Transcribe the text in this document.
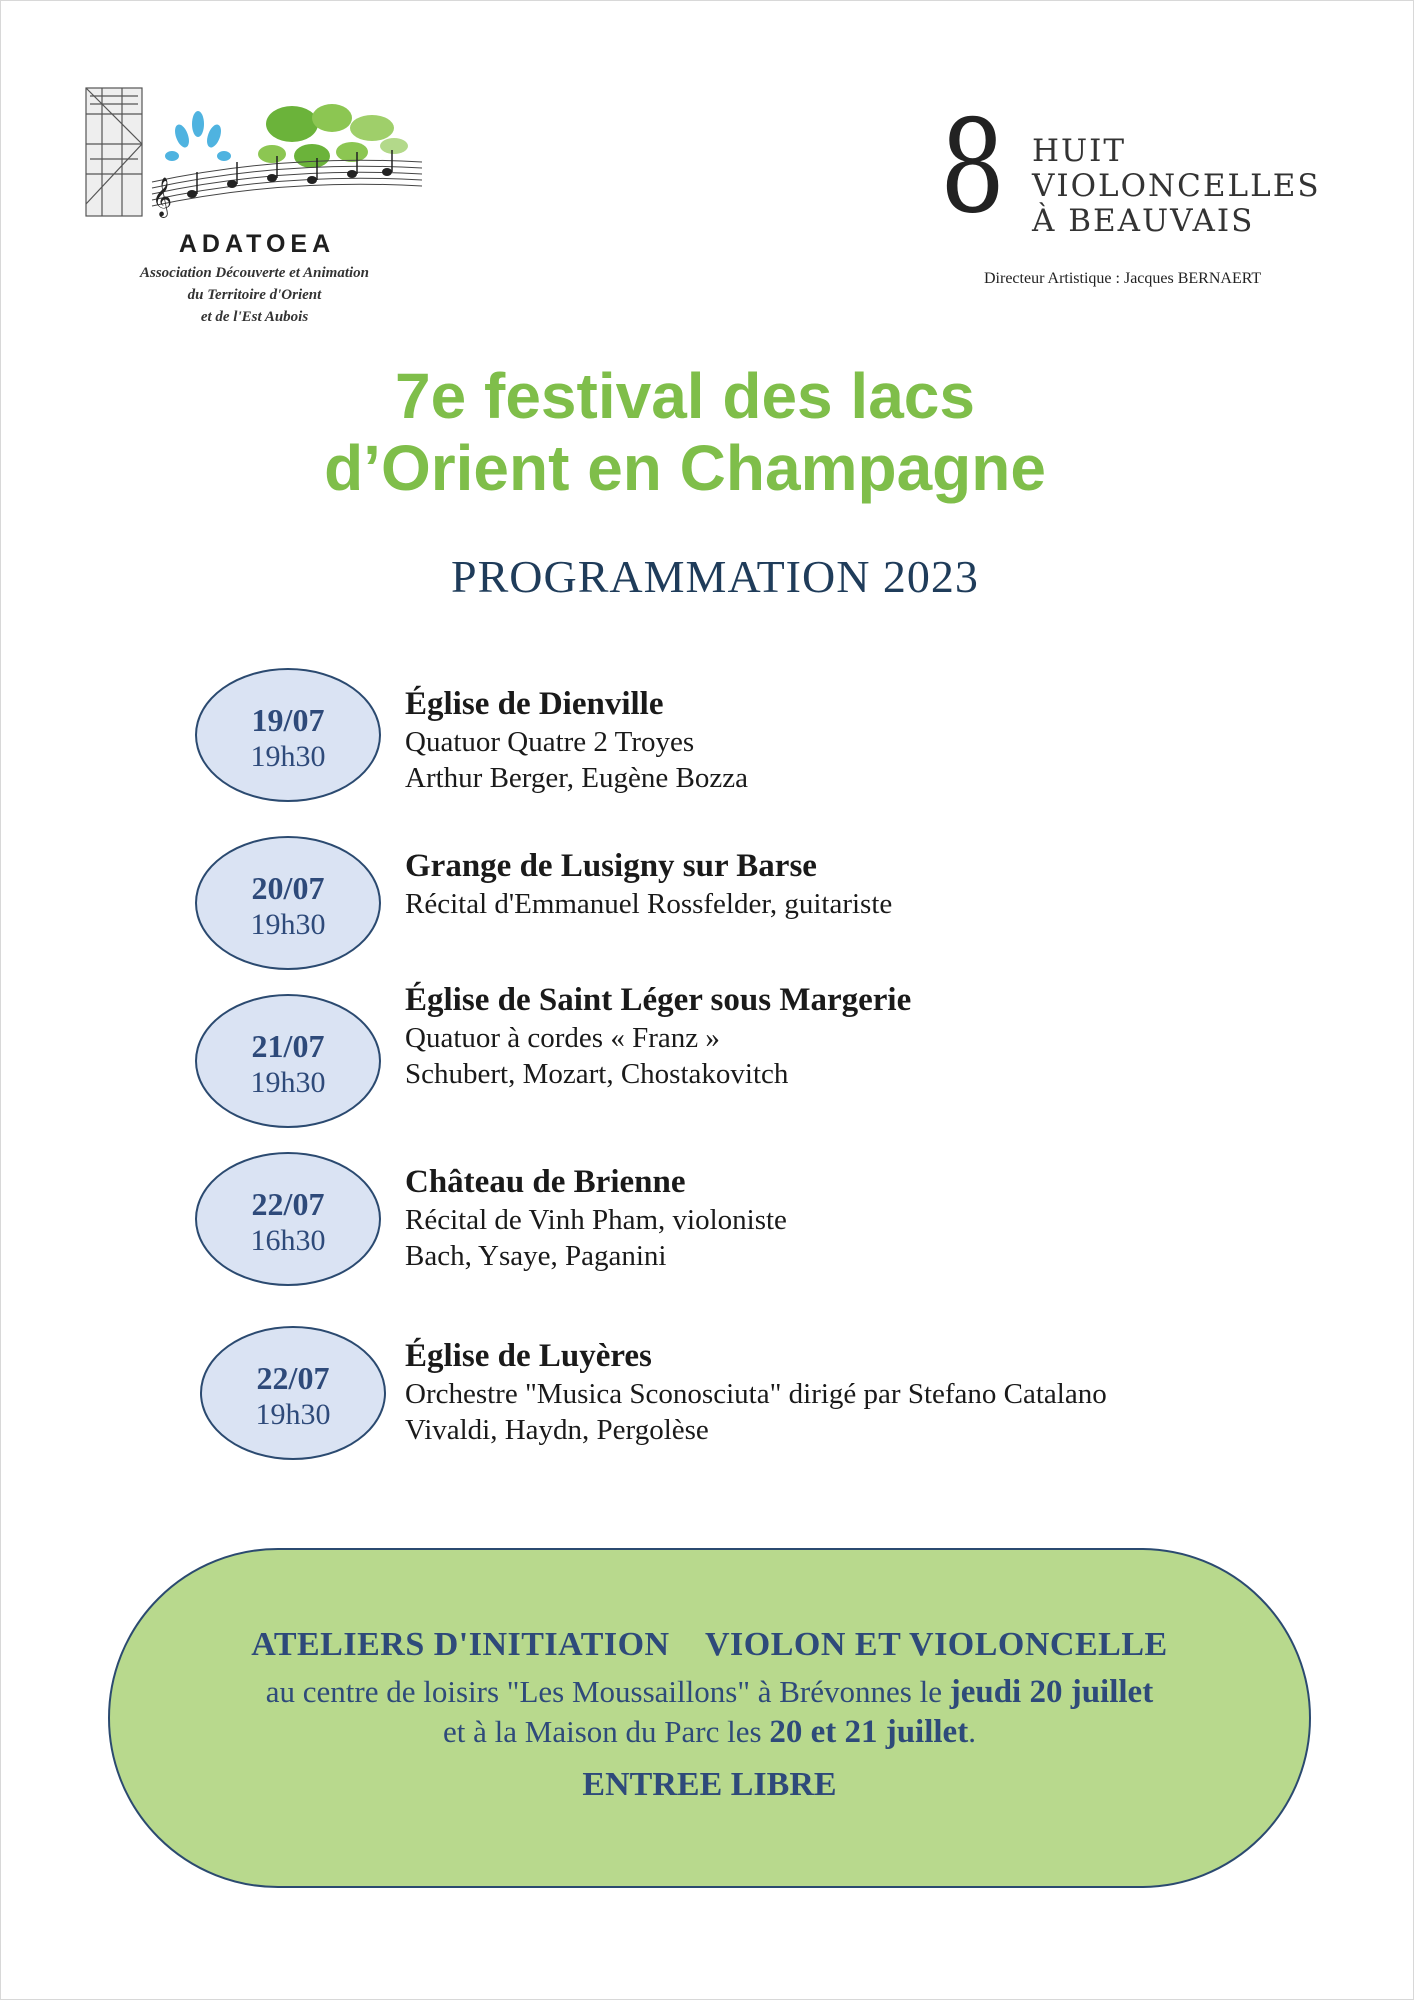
𝄞
ADATOEA
Association Découverte et Animation
du Territoire d'Orient
et de l'Est Aubois
8 HUIT
VIOLONCELLES
À BEAUVAIS
Directeur Artistique : Jacques BERNAERT
7e festival des lacs
d’Orient en Champagne
PROGRAMMATION 2023
19/07
19h30
Église de Dienville
Quatuor Quatre 2 Troyes
Arthur Berger, Eugène Bozza
20/07
19h30
Grange de Lusigny sur Barse
Récital d'Emmanuel Rossfelder, guitariste
21/07
19h30
Église de Saint Léger sous Margerie
Quatuor à cordes « Franz »
Schubert, Mozart, Chostakovitch
22/07
16h30
Château de Brienne
Récital de Vinh Pham, violoniste
Bach, Ysaye, Paganini
22/07
19h30
Église de Luyères
Orchestre "Musica Sconosciuta" dirigé par Stefano Catalano
Vivaldi, Haydn, Pergolèse
ATELIERS D'INITIATION    VIOLON ET VIOLONCELLE
au centre de loisirs "Les Moussaillons" à Brévonnes le jeudi 20 juillet
et à la Maison du Parc les 20 et 21 juillet.
ENTREE LIBRE
